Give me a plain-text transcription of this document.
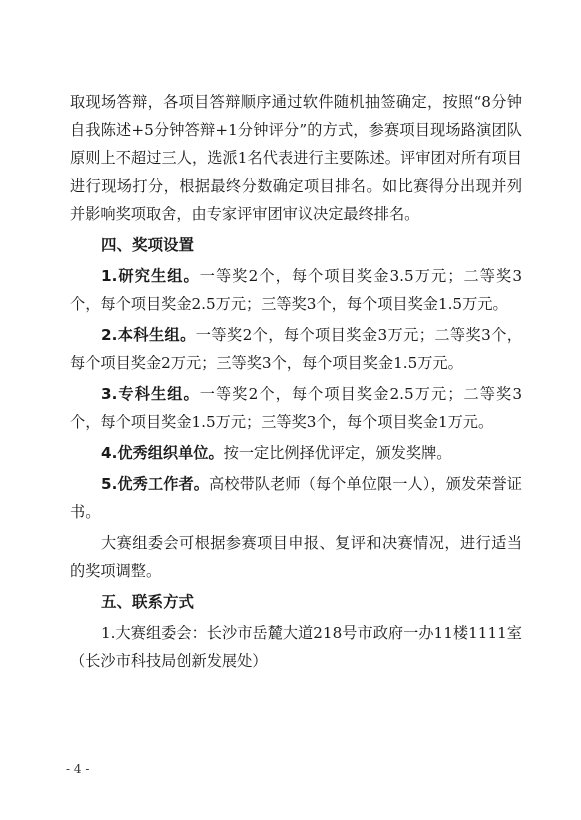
取现场答辩，各项目答辩顺序通过软件随机抽签确定，按照“8分钟自我陈述+5分钟答辩+1分钟评分”的方式，参赛项目现场路演团队原则上不超过三人，选派1名代表进行主要陈述。评审团对所有项目进行现场打分，根据最终分数确定项目排名。如比赛得分出现并列并影响奖项取舍，由专家评审团审议决定最终排名。

四、奖项设置

1.研究生组。一等奖2个，每个项目奖金3.5万元；二等奖3个，每个项目奖金2.5万元；三等奖3个，每个项目奖金1.5万元。

2.本科生组。一等奖2个，每个项目奖金3万元；二等奖3个，每个项目奖金2万元；三等奖3个，每个项目奖金1.5万元。

3.专科生组。一等奖2个，每个项目奖金2.5万元；二等奖3个，每个项目奖金1.5万元；三等奖3个，每个项目奖金1万元。

4.优秀组织单位。按一定比例择优评定，颁发奖牌。

5.优秀工作者。高校带队老师（每个单位限一人），颁发荣誉证书。

大赛组委会可根据参赛项目申报、复评和决赛情况，进行适当的奖项调整。

五、联系方式

1.大赛组委会：长沙市岳麓大道218号市政府一办11楼1111室（长沙市科技局创新发展处）

- 4 -
